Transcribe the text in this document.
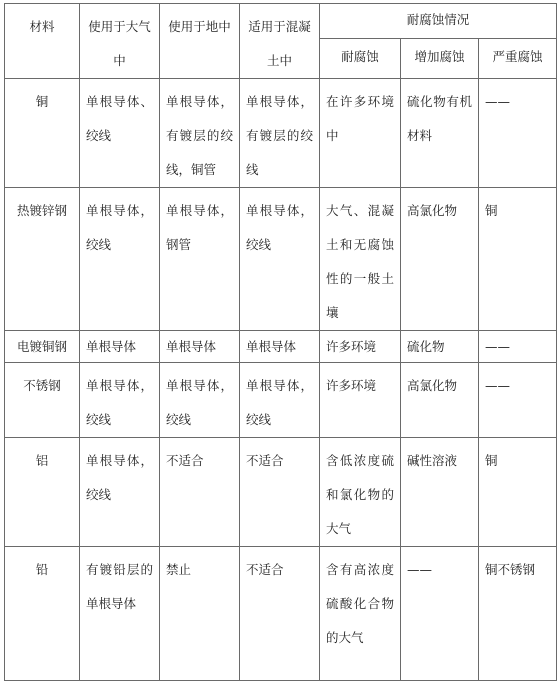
材料	使用于大气中	使用于地中	适用于混凝土中	耐腐蚀情况		
				耐腐蚀	增加腐蚀	严重腐蚀
铜	单根导体、绞线	单根导体，有镀层的绞线，铜管	单根导体，有镀层的绞线	在许多环境中	硫化物有机材料	——
热镀锌钢	单根导体，绞线	单根导体，钢管	单根导体，绞线	大气、混凝土和无腐蚀性的一般土壤	高氯化物	铜
电镀铜钢	单根导体	单根导体	单根导体	许多环境	硫化物	——
不锈钢	单根导体，绞线	单根导体，绞线	单根导体，绞线	许多环境	高氯化物	——
铝	单根导体，绞线	不适合	不适合	含低浓度硫和氯化物的大气	碱性溶液	铜
铅	有镀铅层的单根导体	禁止	不适合	含有高浓度硫酸化合物的大气	——	铜不锈钢
